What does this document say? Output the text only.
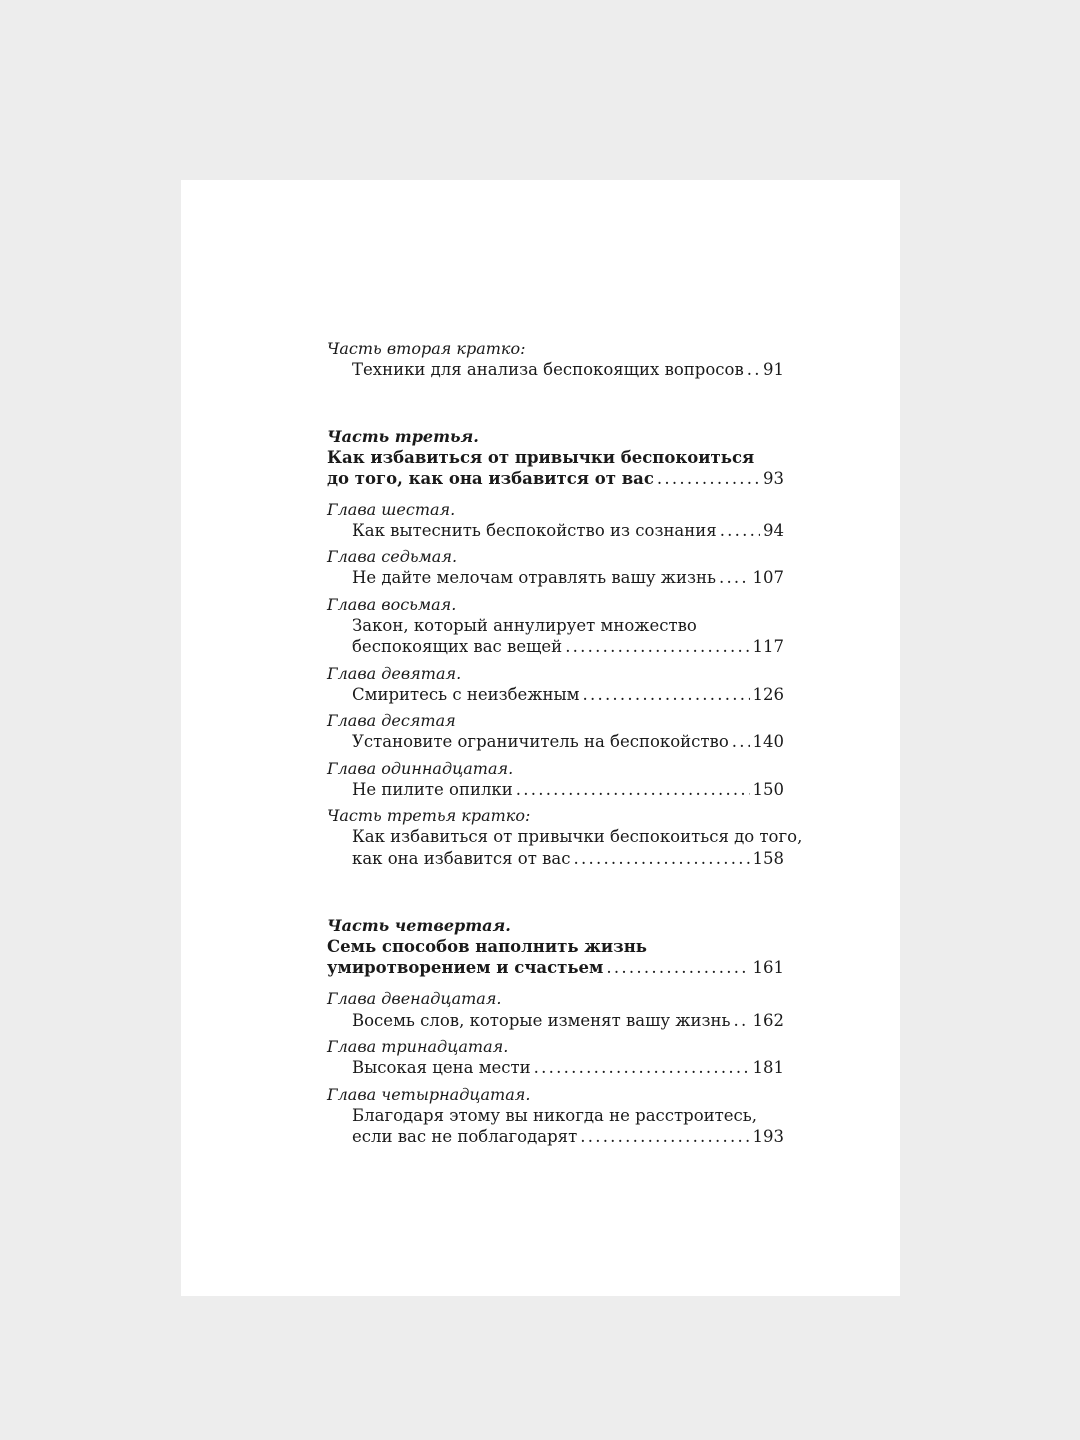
Часть вторая кратко:
Техники для анализа беспокоящих вопросов . . . 91
Часть третья.
Как избавиться от привычки беспокоиться
до того, как она избавится от вас . . .	93
Глава шестая.
Как вытеснить беспокойство из сознания . . .	94
Глава седьмая.
Не дайте мелочам отравлять вашу жизнь . . . 107
Глава восьмая.
Закон, который аннулирует множество
беспокоящих вас вещей . . .	117
Глава девятая.
Смиритесь с неизбежным . . .	126
Глава десятая
Установите ограничитель на беспокойство . . . 140
Глава одиннадцатая.
Не пилите опилки . . .	150
Часть третья кратко:
Как избавиться от привычки беспокоиться до того,
как она избавится от вас . . .	158
Часть четвертая.
Семь способов наполнить жизнь
умиротворением и счастьем . . .	161
Глава двенадцатая.
Восемь слов, которые изменят вашу жизнь . . . 162
Глава тринадцатая.
Высокая цена мести . . .	181
Глава четырнадцатая.
Благодаря этому вы никогда не расстроитесь,
если вас не поблагодарят . . .	193
